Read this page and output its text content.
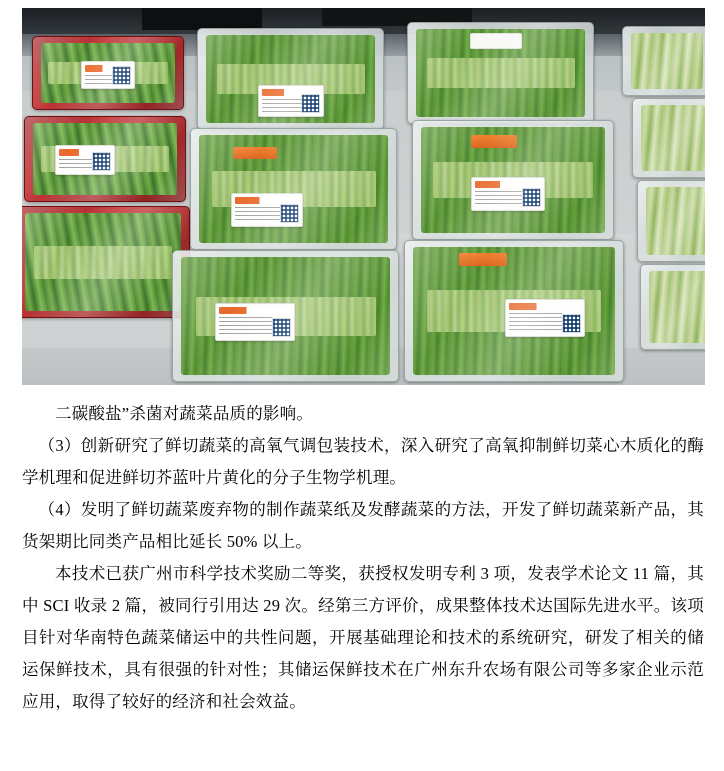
二碳酸盐”杀菌对蔬菜品质的影响。

（3）创新研究了鲜切蔬菜的高氧气调包装技术，深入研究了高氧抑制鲜切菜心木质化的酶学机理和促进鲜切芥蓝叶片黄化的分子生物学机理。

（4）发明了鲜切蔬菜废弃物的制作蔬菜纸及发酵蔬菜的方法，开发了鲜切蔬菜新产品，其货架期比同类产品相比延长 50% 以上。

本技术已获广州市科学技术奖励二等奖，获授权发明专利 3 项，发表学术论文 11 篇，其中 SCI 收录 2 篇，被同行引用达 29 次。经第三方评价，成果整体技术达国际先进水平。该项目针对华南特色蔬菜储运中的共性问题，开展基础理论和技术的系统研究，研发了相关的储运保鲜技术，具有很强的针对性；其储运保鲜技术在广州东升农场有限公司等多家企业示范应用，取得了较好的经济和社会效益。
